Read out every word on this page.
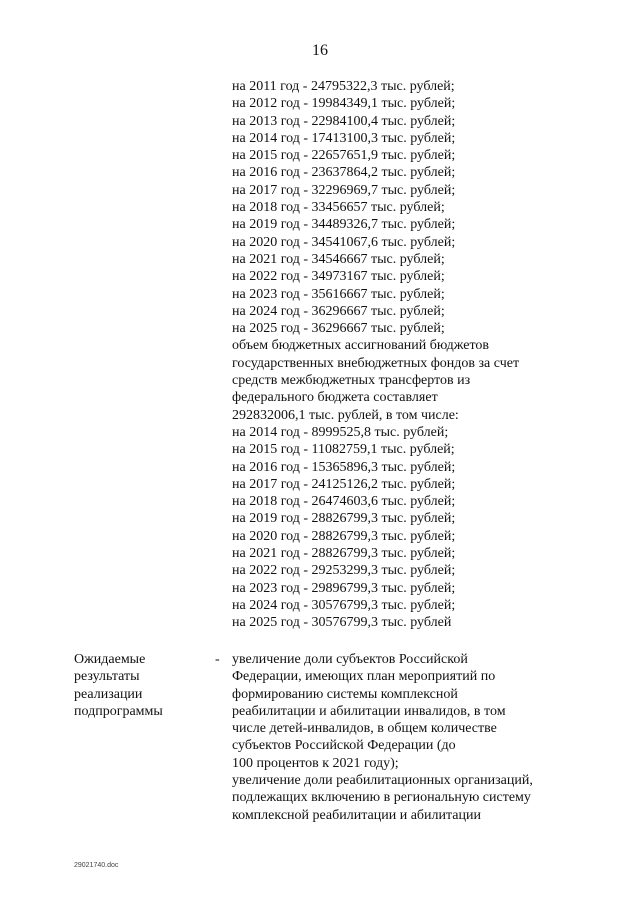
16
на 2011 год - 24795322,3 тыс. рублей;
на 2012 год - 19984349,1 тыс. рублей;
на 2013 год - 22984100,4 тыс. рублей;
на 2014 год - 17413100,3 тыс. рублей;
на 2015 год - 22657651,9 тыс. рублей;
на 2016 год - 23637864,2 тыс. рублей;
на 2017 год - 32296969,7 тыс. рублей;
на 2018 год - 33456657 тыс. рублей;
на 2019 год - 34489326,7 тыс. рублей;
на 2020 год - 34541067,6 тыс. рублей;
на 2021 год - 34546667 тыс. рублей;
на 2022 год - 34973167 тыс. рублей;
на 2023 год - 35616667 тыс. рублей;
на 2024 год - 36296667 тыс. рублей;
на 2025 год - 36296667 тыс. рублей;
объем бюджетных ассигнований бюджетов
государственных внебюджетных фондов за счет
средств межбюджетных трансфертов из
федерального бюджета составляет
292832006,1 тыс. рублей, в том числе:
на 2014 год - 8999525,8 тыс. рублей;
на 2015 год - 11082759,1 тыс. рублей;
на 2016 год - 15365896,3 тыс. рублей;
на 2017 год - 24125126,2 тыс. рублей;
на 2018 год - 26474603,6 тыс. рублей;
на 2019 год - 28826799,3 тыс. рублей;
на 2020 год - 28826799,3 тыс. рублей;
на 2021 год - 28826799,3 тыс. рублей;
на 2022 год - 29253299,3 тыс. рублей;
на 2023 год - 29896799,3 тыс. рублей;
на 2024 год - 30576799,3 тыс. рублей;
на 2025 год - 30576799,3 тыс. рублей
Ожидаемые результаты реализации подпрограммы
- увеличение доли субъектов Российской
Федерации, имеющих план мероприятий по
формированию системы комплексной
реабилитации и абилитации инвалидов, в том
числе детей-инвалидов, в общем количестве
субъектов Российской Федерации (до
100 процентов к 2021 году);
увеличение доли реабилитационных организаций,
подлежащих включению в региональную систему
комплексной реабилитации и абилитации
29021740.doc
